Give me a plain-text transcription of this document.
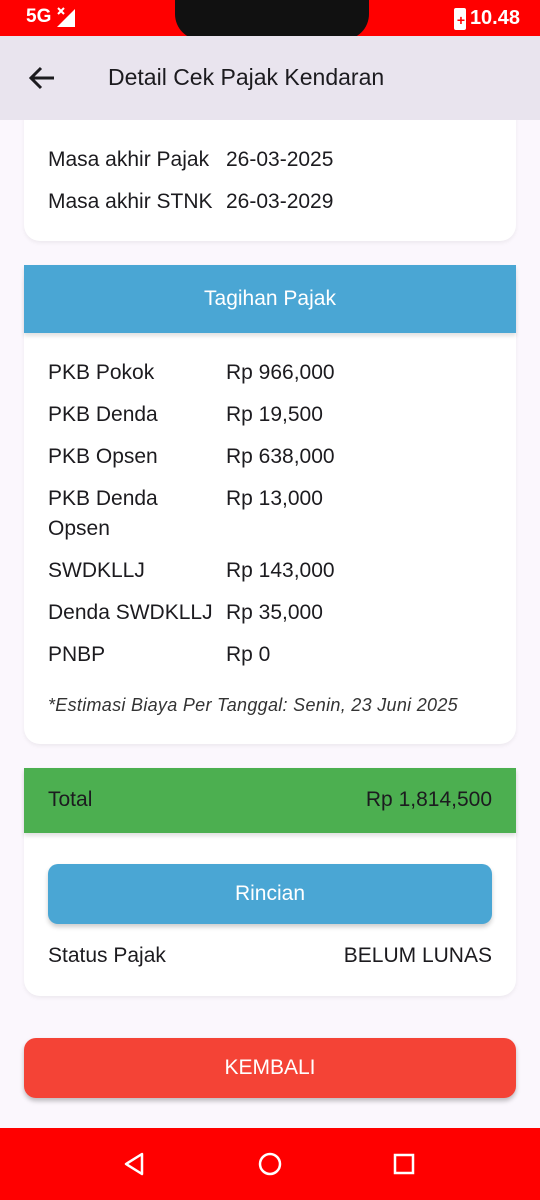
5G
+	10.48
Detail Cek Pajak Kendaran
Masa akhir Pajak 26-03-2025
Masa akhir STNK 26-03-2029
Tagihan Pajak
PKB Pokok	Rp 966,000
PKB Denda	Rp 19,500
PKB Opsen	Rp 638,000
PKB Denda Opsen
Rp 13,000
SWDKLLJ	Rp 143,000
Denda SWDKLLJ Rp 35,000
PNBP	Rp 0
*Estimasi Biaya Per Tanggal: Senin, 23 Juni 2025
Total	Rp 1,814,500
Rincian
Status Pajak	BELUM LUNAS
KEMBALI
